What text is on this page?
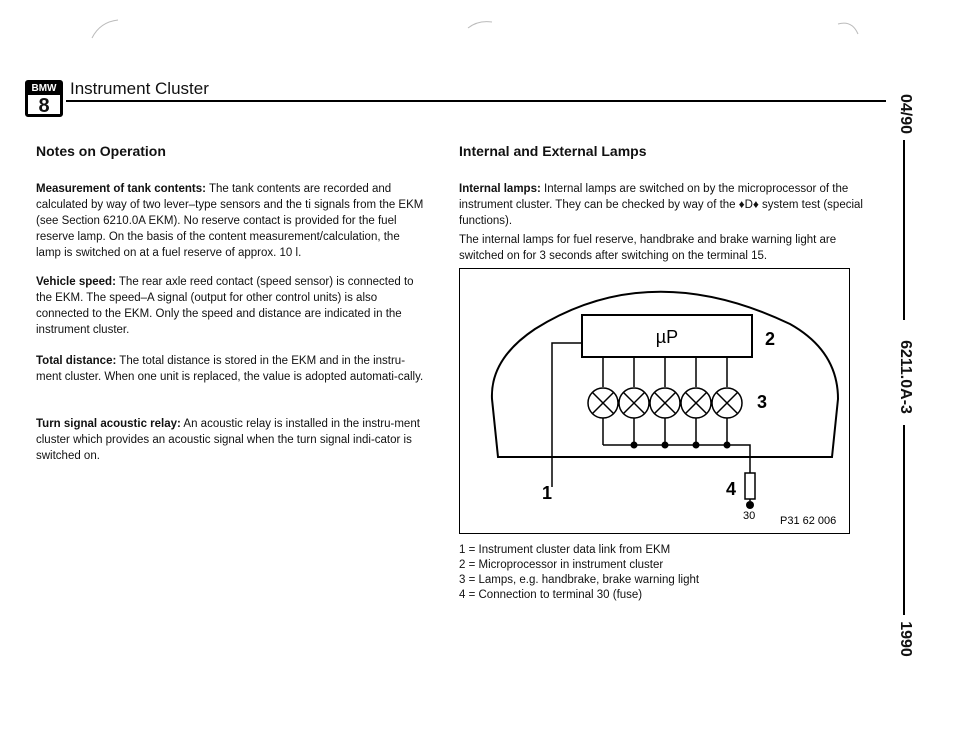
BMW
8
Instrument Cluster
Notes on Operation
Measurement of tank contents: The tank contents are recorded and calculated by way of two lever–type sensors and the ti signals from the EKM (see Section 6210.0A EKM). No reserve contact is provided for the fuel reserve lamp. On the basis of the content measurement/calculation, the lamp is switched on at a fuel reserve of approx. 10 l.
Vehicle speed: The rear axle reed contact (speed sensor) is connected to the EKM. The speed–A signal (output for other control units) is also connected to the EKM. Only the speed and distance are indicated in the instrument cluster.
Total distance: The total distance is stored in the EKM and in the instru-ment cluster. When one unit is replaced, the value is adopted automati-cally.
Turn signal acoustic relay: An acoustic relay is installed in the instru-ment cluster which provides an acoustic signal when the turn signal indi-cator is switched on.
Internal and External Lamps
Internal lamps: Internal lamps are switched on by the microprocessor of the instrument cluster. They can be checked by way of the ♦D♦ system test (special functions).
The internal lamps for fuel reserve, handbrake and brake warning light are switched on for 3 seconds after switching on the terminal 15.
µP	2
3
1	4
30 P31 62 006
1 = Instrument cluster data link from EKM
2 = Microprocessor in instrument cluster
3 = Lamps, e.g. handbrake, brake warning light
4 = Connection to terminal 30 (fuse)
04/90
6211.0A-3
1990
